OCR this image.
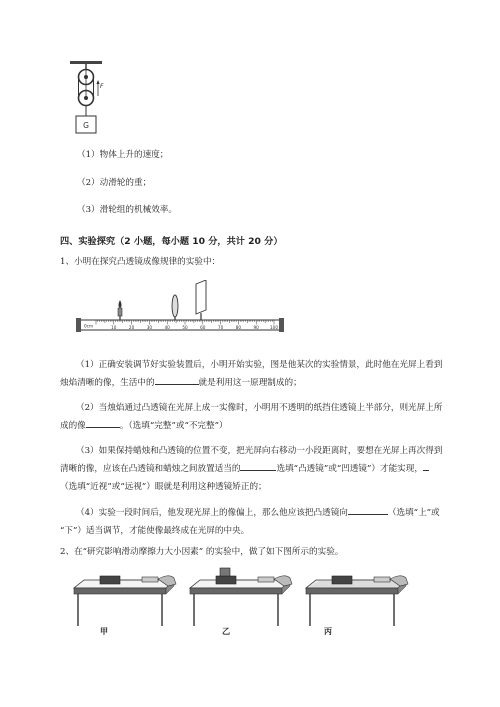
F
G
（1）物体上升的速度；
（2）动滑轮的重；
（3）滑轮组的机械效率。
四、实验探究（2 小题，每小题 10 分，共计 20 分）
1、小明在探究凸透镜成像规律的实验中：
0cm	10	20	30	40	50	60	70	80	90	100
（1）正确安装调节好实验装置后，小明开始实验，图是他某次的实验情景，此时他在光屏上看到
烛焰清晰的像，生活中的	就是利用这一原理制成的；
（2）当烛焰通过凸透镜在光屏上成一实像时，小明用不透明的纸挡住透镜上半部分，则光屏上所
成的像	。（选填“完整”或“不完整”）
（3）如果保持蜡烛和凸透镜的位置不变，把光屏向右移动一小段距离时，要想在光屏上再次得到
清晰的像，应该在凸透镜和蜡烛之间放置适当的	选填“凸透镜”或“凹透镜”）才能实现，
（选填“近视”或“远视”）眼就是利用这种透镜矫正的；
（4）实验一段时间后，他发现光屏上的像偏上，那么他应该把凸透镜向	（选填“上”或
“下”）适当调节，才能使像最终成在光屏的中央。
2、在“研究影响滑动摩擦力大小因素” 的实验中，做了如下图所示的实验。
甲	乙	丙
